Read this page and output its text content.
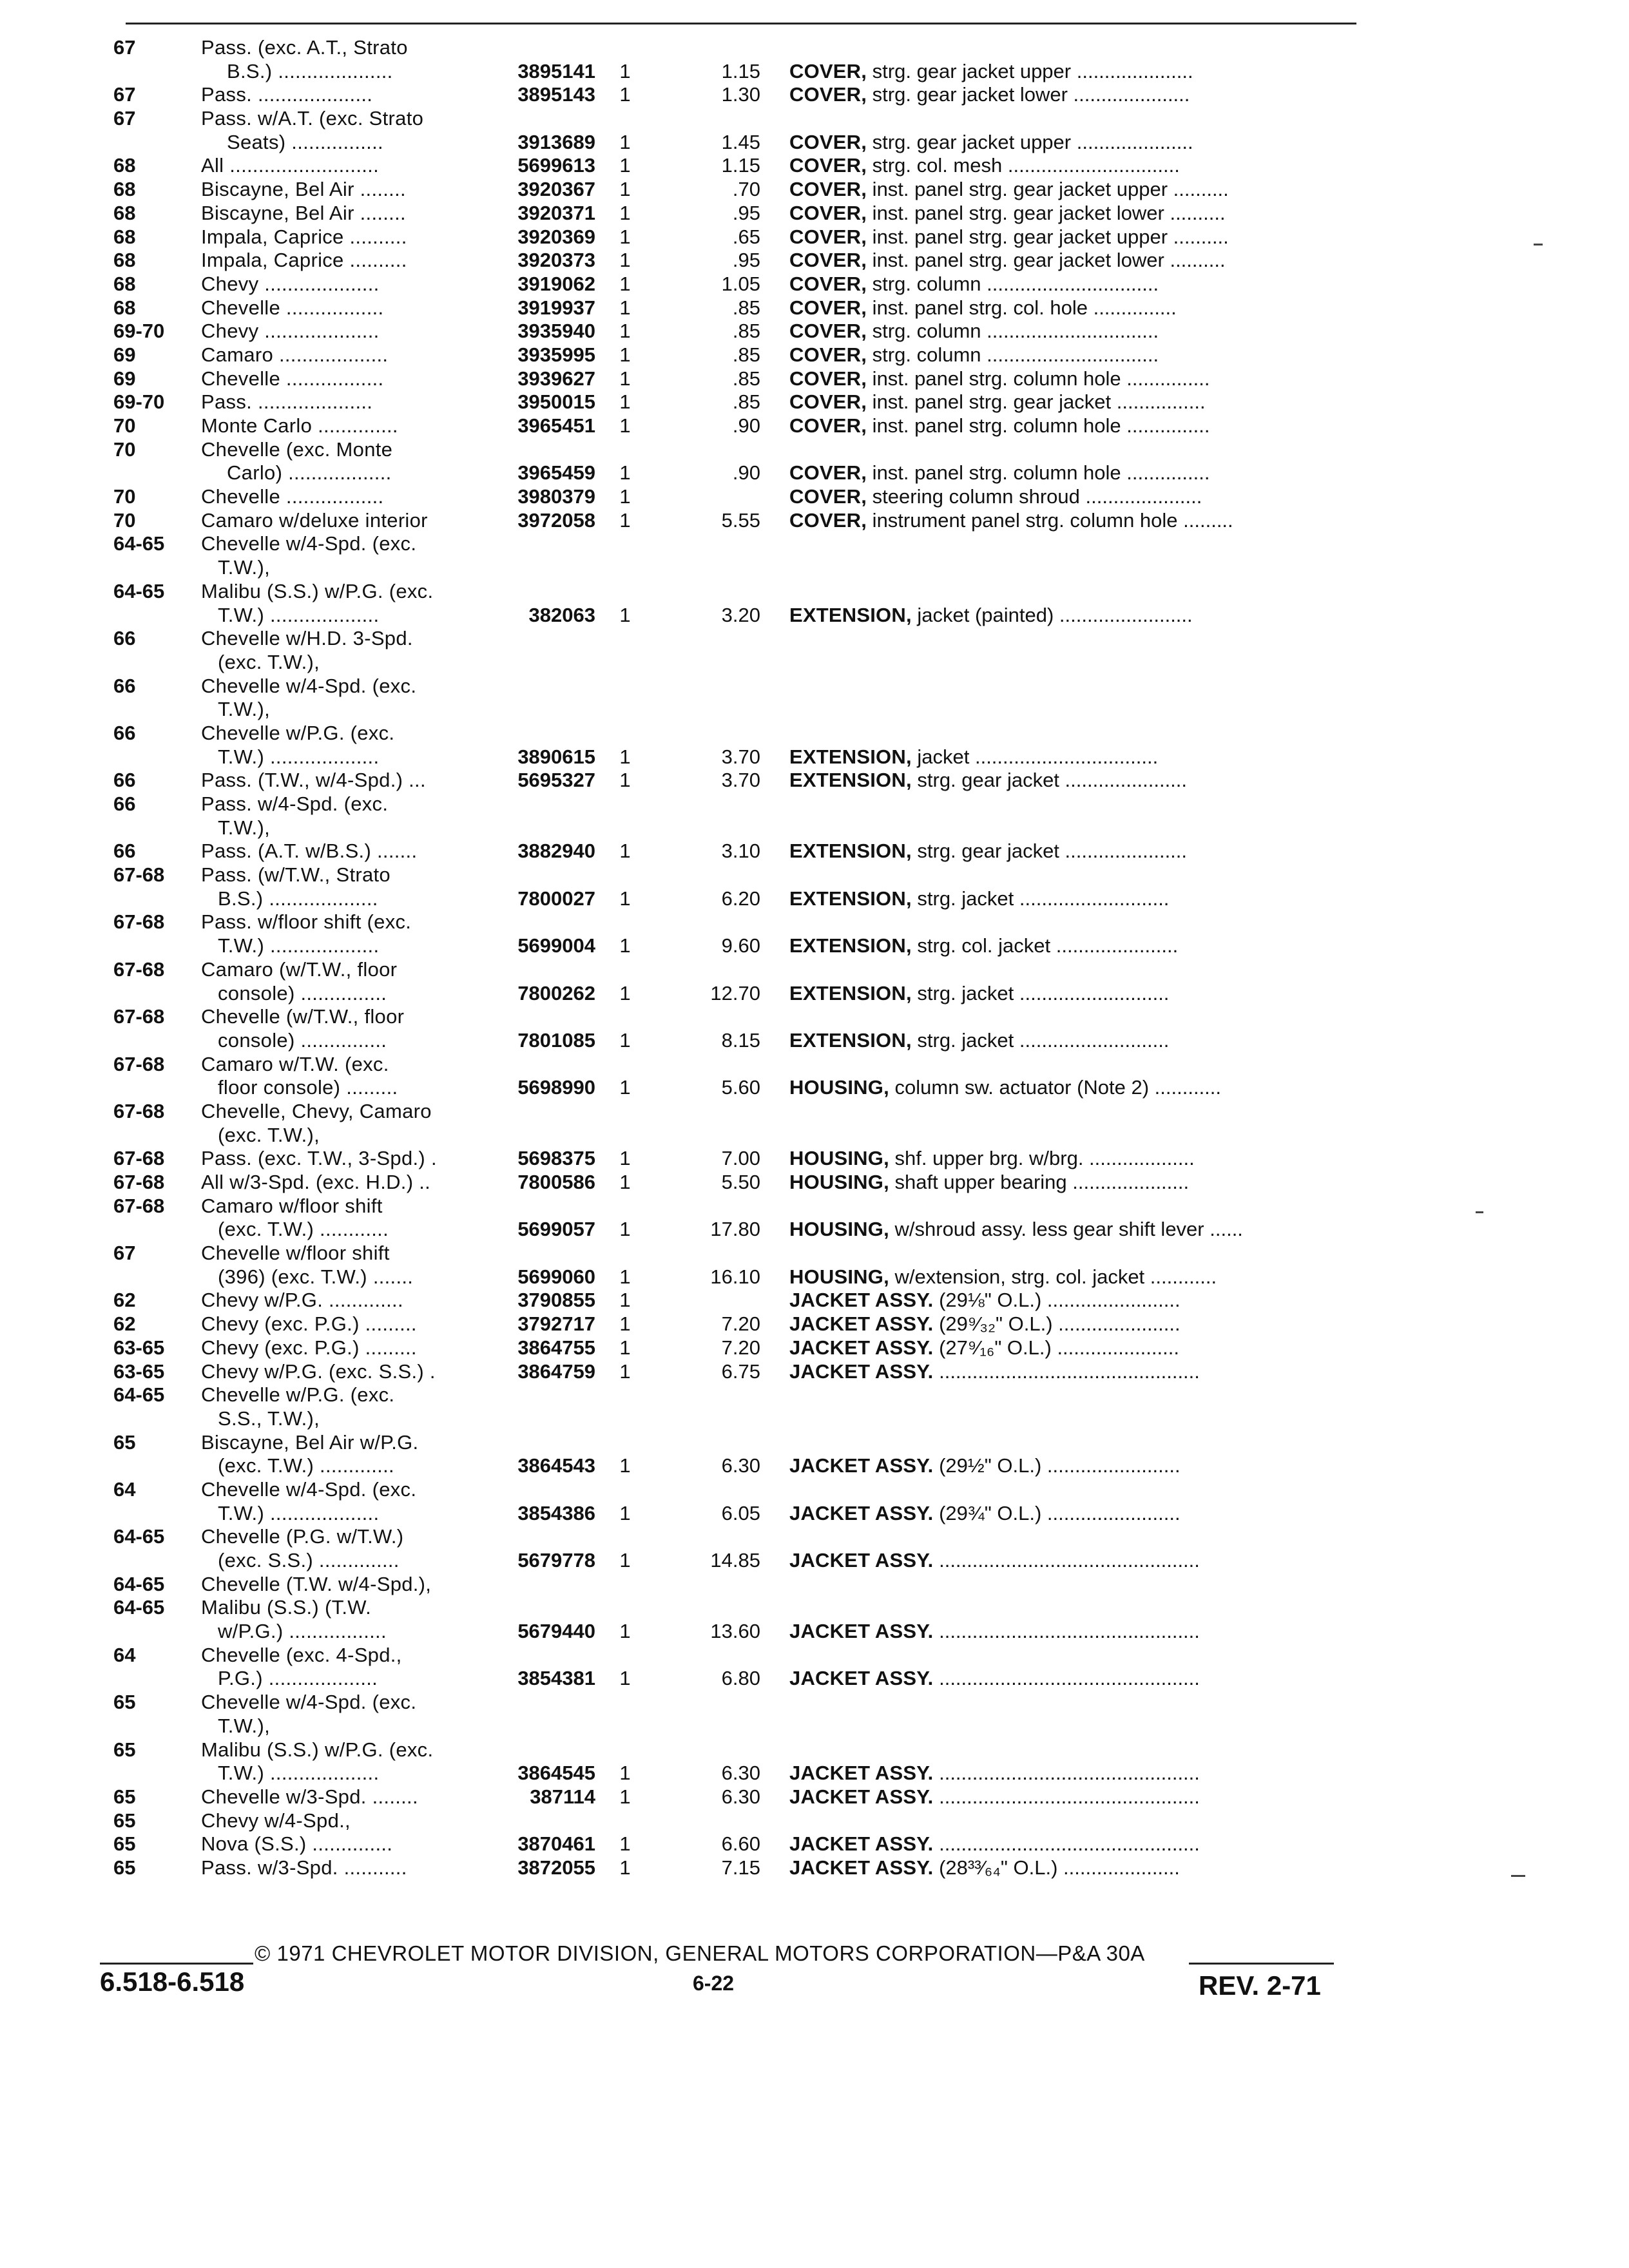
67	Pass. (exc. A.T., Strato
B.S.) ....................	3895141 1	1.15 COVER, strg. gear jacket upper .....................
67	Pass. ....................	3895143 1	1.30 COVER, strg. gear jacket lower .....................
67	Pass. w/A.T. (exc. Strato
Seats) ................	3913689 1	1.45 COVER, strg. gear jacket upper .....................
68	All ..........................	5699613 1	1.15 COVER, strg. col. mesh ...............................
68	Biscayne, Bel Air ........	3920367 1	.70 COVER, inst. panel strg. gear jacket upper ..........
68	Biscayne, Bel Air ........	3920371 1	.95 COVER, inst. panel strg. gear jacket lower ..........
68	Impala, Caprice ..........	3920369 1	.65 COVER, inst. panel strg. gear jacket upper ..........
68	Impala, Caprice ..........	3920373 1	.95 COVER, inst. panel strg. gear jacket lower ..........
68	Chevy ....................	3919062 1	1.05 COVER, strg. column ...............................
68	Chevelle .................	3919937 1	.85 COVER, inst. panel strg. col. hole ...............
69-70 Chevy ....................	3935940 1	.85 COVER, strg. column ...............................
69	Camaro ...................	3935995 1	.85 COVER, strg. column ...............................
69	Chevelle .................	3939627 1	.85 COVER, inst. panel strg. column hole ...............
69-70 Pass. ....................	3950015 1	.85 COVER, inst. panel strg. gear jacket ................
70	Monte Carlo ..............	3965451 1	.90 COVER, inst. panel strg. column hole ...............
70	Chevelle (exc. Monte
Carlo) ..................	3965459 1	.90 COVER, inst. panel strg. column hole ...............
70	Chevelle .................	3980379 1	COVER, steering column shroud .....................
70	Camaro w/deluxe interior	3972058 1	5.55 COVER, instrument panel strg. column hole .........
64-65 Chevelle w/4-Spd. (exc.
T.W.),
64-65 Malibu (S.S.) w/P.G. (exc.
T.W.) ...................	382063 1	3.20 EXTENSION, jacket (painted) ........................
66	Chevelle w/H.D. 3-Spd.
(exc. T.W.),
66	Chevelle w/4-Spd. (exc.
T.W.),
66	Chevelle w/P.G. (exc.
T.W.) ...................	3890615 1	3.70 EXTENSION, jacket .................................
66	Pass. (T.W., w/4-Spd.) ...	5695327 1	3.70 EXTENSION, strg. gear jacket ......................
66	Pass. w/4-Spd. (exc.
T.W.),
66	Pass. (A.T. w/B.S.) .......	3882940 1	3.10 EXTENSION, strg. gear jacket ......................
67-68 Pass. (w/T.W., Strato
B.S.) ...................	7800027 1	6.20 EXTENSION, strg. jacket ...........................
67-68 Pass. w/floor shift (exc.
T.W.) ...................	5699004 1	9.60 EXTENSION, strg. col. jacket ......................
67-68 Camaro (w/T.W., floor
console) ...............	7800262 1	12.70 EXTENSION, strg. jacket ...........................
67-68 Chevelle (w/T.W., floor
console) ...............	7801085 1	8.15 EXTENSION, strg. jacket ...........................
67-68 Camaro w/T.W. (exc.
floor console) .........	5698990 1	5.60 HOUSING, column sw. actuator (Note 2) ............
67-68 Chevelle, Chevy, Camaro
(exc. T.W.),
67-68 Pass. (exc. T.W., 3-Spd.) .	5698375 1	7.00 HOUSING, shf. upper brg. w/brg. ...................
67-68 All w/3-Spd. (exc. H.D.) ..	7800586 1	5.50 HOUSING, shaft upper bearing .....................
67-68 Camaro w/floor shift
(exc. T.W.) ............	5699057 1	17.80 HOUSING, w/shroud assy. less gear shift lever ......
67	Chevelle w/floor shift
(396) (exc. T.W.) .......	5699060 1	16.10 HOUSING, w/extension, strg. col. jacket ............
62	Chevy w/P.G. .............	3790855 1	JACKET ASSY. (29⅛" O.L.) ........................
62	Chevy (exc. P.G.) .........	3792717 1	7.20 JACKET ASSY. (29⁹⁄₃₂" O.L.) ......................
63-65 Chevy (exc. P.G.) .........	3864755 1	7.20 JACKET ASSY. (27⁹⁄₁₆" O.L.) ......................
63-65 Chevy w/P.G. (exc. S.S.) .	3864759 1	6.75 JACKET ASSY. ...............................................
64-65 Chevelle w/P.G. (exc.
S.S., T.W.),
65	Biscayne, Bel Air w/P.G.
(exc. T.W.) .............	3864543 1	6.30 JACKET ASSY. (29½" O.L.) ........................
64	Chevelle w/4-Spd. (exc.
T.W.) ...................	3854386 1	6.05 JACKET ASSY. (29¾" O.L.) ........................
64-65 Chevelle (P.G. w/T.W.)
(exc. S.S.) ..............	5679778 1	14.85 JACKET ASSY. ...............................................
64-65 Chevelle (T.W. w/4-Spd.),
64-65 Malibu (S.S.) (T.W.
w/P.G.) .................	5679440 1	13.60 JACKET ASSY. ...............................................
64	Chevelle (exc. 4-Spd.,
P.G.) ...................	3854381 1	6.80 JACKET ASSY. ...............................................
65	Chevelle w/4-Spd. (exc.
T.W.),
65	Malibu (S.S.) w/P.G. (exc.
T.W.) ...................	3864545 1	6.30 JACKET ASSY. ...............................................
65	Chevelle w/3-Spd. ........	387114 1	6.30 JACKET ASSY. ...............................................
65	Chevy w/4-Spd.,
65	Nova (S.S.) ..............	3870461 1	6.60 JACKET ASSY. ...............................................
65	Pass. w/3-Spd. ...........	3872055 1	7.15 JACKET ASSY. (28³³⁄₆₄" O.L.) .....................
© 1971 CHEVROLET MOTOR DIVISION, GENERAL MOTORS CORPORATION—P&A 30A
6.518-6.518	6-22	REV. 2-71
